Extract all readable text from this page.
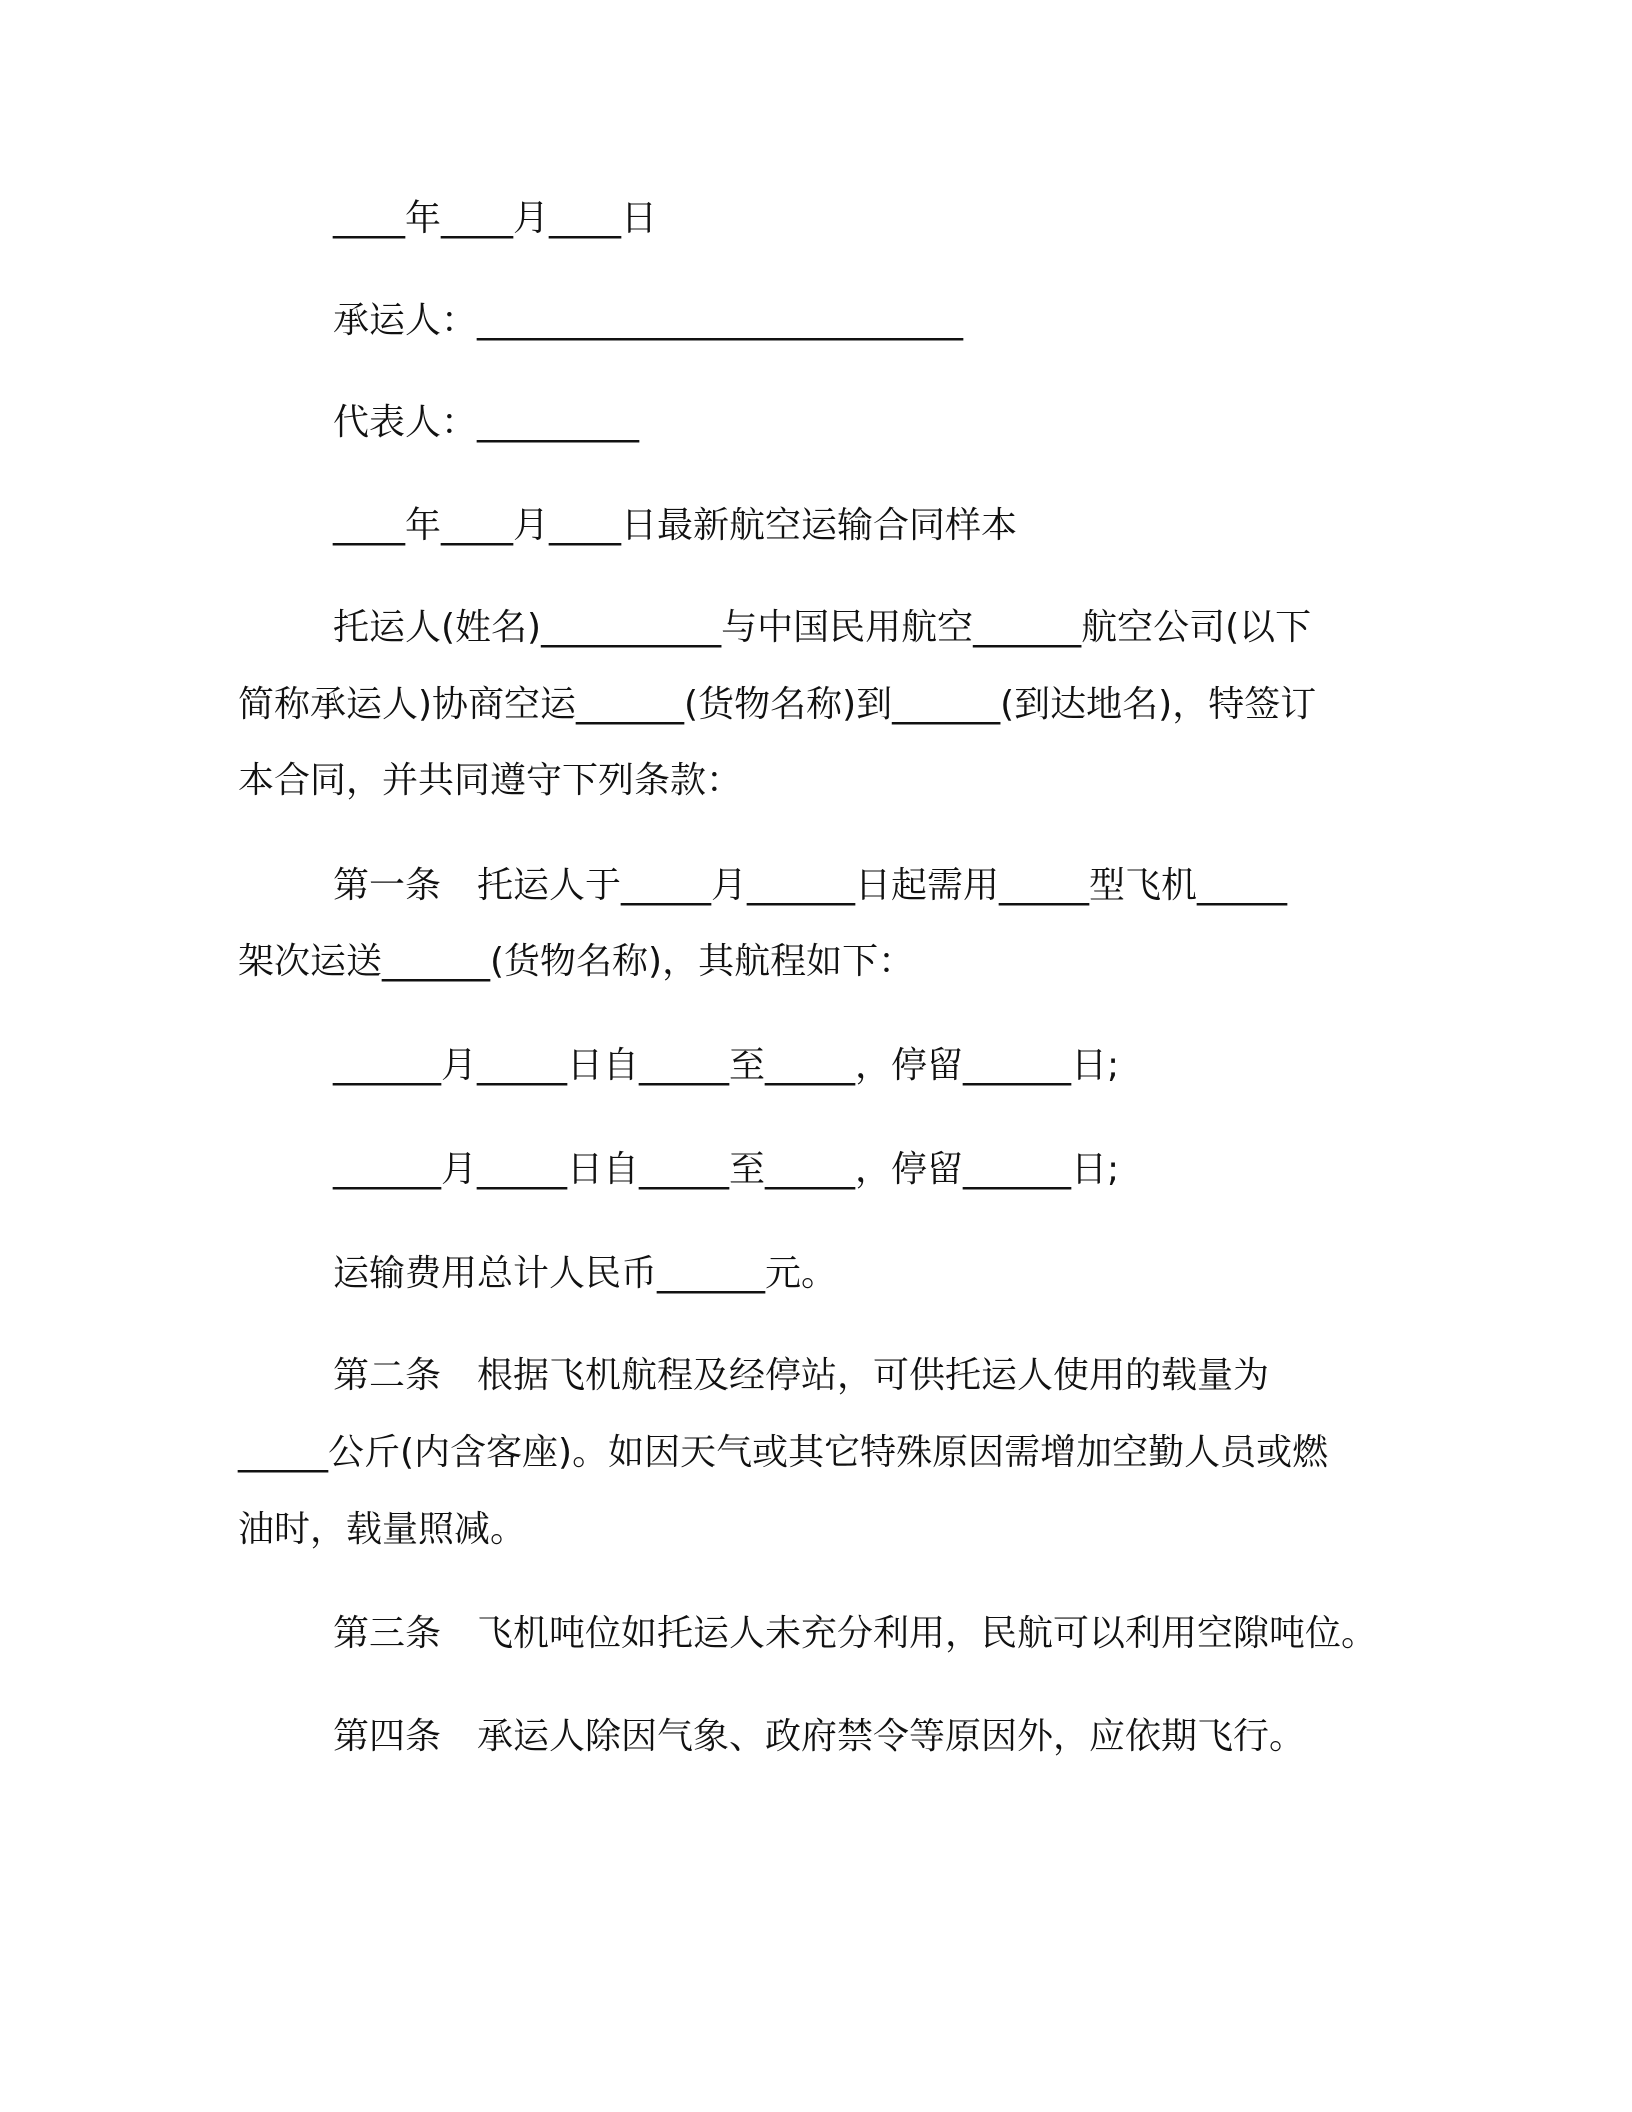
____年____月____日
承运人：___________________________
代表人：_________
____年____月____日最新航空运输合同样本
托运人(姓名)__________与中国民用航空______航空公司(以下
简称承运人)协商空运______(货物名称)到______(到达地名)，特签订
本合同，并共同遵守下列条款：
第一条　托运人于_____月______日起需用_____型飞机_____
架次运送______(货物名称)，其航程如下：
______月_____日自_____至_____，停留______日;
______月_____日自_____至_____，停留______日;
运输费用总计人民币______元。
第二条　根据飞机航程及经停站，可供托运人使用的载量为
_____公斤(内含客座)。如因天气或其它特殊原因需增加空勤人员或燃
油时，载量照减。
第三条　飞机吨位如托运人未充分利用，民航可以利用空隙吨位。
第四条　承运人除因气象、政府禁令等原因外，应依期飞行。
